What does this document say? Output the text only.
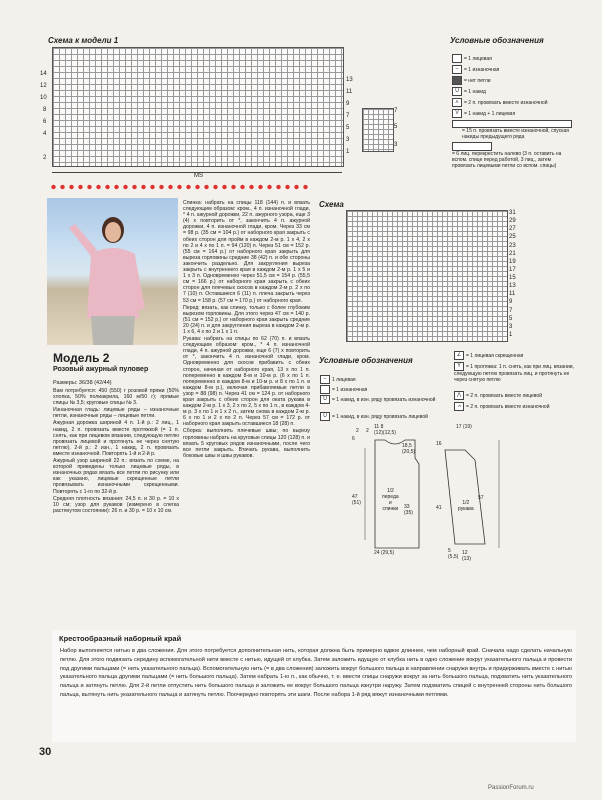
Схема к модели 1
MS
14
12
10
8
6
4
2
13
11
9
7
5
3
1
7
5
3
Условные обозначения
= 1 лицевая
– = 1 изнаночная
= нет петли
U = 1 накид
⋏ = 2 п. провязать вместе изнаночной
V = 1 накид + 1 лицевая
= 15 п. провязать вместе изнаночной, спуская накиды предыдущего ряда
= 6 лиц. перекрестить налево (3 п. оставить на вспом. спице перед работой, 3 лиц., затем провязать лицевыми петли со вспом. спицы)
Модель 2
Розовый ажурный пуловер
Размеры: 36/38 (42/44)

Вам потребуется: 450 (550) г розовой пряжи (50% хлопка, 50% полиакрила, 160 м/50 г); прямые спицы № 3,5; круговые спицы № 3.

Изнаночная гладь: лицевые ряды – изнаночные петли, изнаночные ряды – лицевые петли.

Ажурная дорожка шириной 4 п. 1-й р.: 2 лиц., 1 накид, 2 п. провязать вместе протяжкой (= 1 п. снять, как при лицевом вязании, следующую петлю провязать лицевой и протянуть ее через снятую петлю). 2-й р.: 2 изн., 1 накид, 2 п. провязать вместе изнаночной. Повторять 1-й и 2-й р.

Ажурный узор шириной 22 п.: вязать по схеме, на которой приведены только лицевые ряды, в изнаночных рядах вязать все петли по рисунку или как указано, лицевые скрещенные петли провязывать изнаночными скрещенными. Повторять с 1-го по 32-й р.

Средняя плотность вязания: 24,5 п. и 30 р. = 10 х 10 см; узор для рукавов (измерено в слегка растянутом состоянии): 26 п. и 30 р. = 10 х 10 см.

Спинка: набрать на спицы 118 (144) п. и вязать следующим образом: кром., 4 п. изнаночной глади, * 4 п. ажурной дорожки, 22 п. ажурного узора, еще 3 (4) х повторить от *, закончить 4 п. ажурной дорожки, 4 п. изнаночной глади, кром. Через 33 см = 98 р. (35 см = 104 р.) от наборного края закрыть с обеих сторон для пройм в каждом 2-м р. 1 х 4, 2 х по 2 и 4 х по 1 п. = 94 (120) п. Через 51 см = 152 р. (55 см = 164 р.) от наборного края закрыть для выреза горловины средние 38 (42) п. и обе стороны закончить раздельно. Для закругления выреза закрыть с внутреннего края в каждом 2-м р. 1 х 5 и 1 х 3 п. Одновременно через 51,5 см = 154 р. (55,5 см = 166 р.) от наборного края закрыть с обеих сторон для плечевых скосов в каждом 2-м р. 2 х по 7 (10) п. Оставшиеся 6 (11) п. плеча закрыть через 53 см = 158 р. (57 см = 170 р.) от наборного края.

Перед: вязать, как спинку, только с более глубоким вырезом горловины. Для этого через 47 см = 140 р. (51 см = 152 р.) от наборного края закрыть средние 20 (24) п. и для закругления выреза в каждом 2-м р. 1 х 6, 4 х по 2 и 1 х 1 п.

Рукава: набрать на спицы по 62 (70) п. и вязать следующим образом: кром., * 4 п. изнаночной глади, 4 п. ажурной дорожки, еще 6 (7) х повторить от *, закончить 4 п. изнаночной глади, кром. Одновременно для скосов прибавить с обеих сторон, начиная от наборного края, 13 х по 1 п. попеременно в каждом 8-м и 10-м р. (6 х по 1 п. попеременно в каждом 8-м и 10-м р. и 8 х по 1 п. в каждом 8-м р.), включая прибавляемые петли в узор = 88 (98) п. Через 41 см = 124 р. от наборного края закрыть с обеих сторон для оката рукава в каждом 2-м р. 1 х 3, 2 х по 2, 5 х по 1 п., в каждом 4-м р. 3 х по 1 и 1 х 2 п., затем снова в каждом 2-м р. 6 х по 1 и 2 х по 2 п. Через 57 см = 172 р. от наборного края закрыть оставшиеся 18 (28) п.

Сборка: выполнить плечевые швы; по вырезу горловины набрать на круговые спицы 120 (128) п. и вязать 5 круговых рядов изнаночными, после чего все петли закрыть. Втачать рукава, выполнить боковые швы и швы рукавов.

Схема
31
29
27
25
23
21
19
17
15
13
11
9
7
5
3
1
Условные обозначения
– 1 лицевая
= 1 изнаночная
U = 1 накид, в изн. ряду провязать изнаночной
Ü = 1 накид, в изн. ряду провязать лицевой
∠ = 1 лицевая скрещенная
Y = 1 протяжка: 1 п. снять, как при лиц. вязании, следующую петлю провязать лиц. и протянуть ее через снятую петлю
⋀ = 2 п. провязать вместе лицевой
⩘ = 2 п. провязать вместе изнаночной
11 8
(12)(12,5)
18,5
(20,5)
2 2
6
1/2
переда
и
спинки
47
(51)
33
(35)
24 (29,5)
17 (19)
16
57
41
1/2
рукава
5
(5,5)
12
(13)
Крестообразный наборный край
Набор выполняется нитью в два сложения. Для этого потребуется дополнительная нить, которая должна быть примерно вдвое длиннее, чем наборный край. Сначала надо сделать начальную петлю. Для этого подвязать середину вспомогательной нити вместе с нитью, идущей от клубка. Затем заложить идущую от клубка нить в одно сложение вокруг указательного пальца и провести под другими пальцами (= нить указательного пальца). Вспомогательную нить (= в два сложения) заложить вокруг большого пальца в направлении снаружи внутрь и придерживать вместе с нитью указательного пальца другими пальцами (= нить большого пальца). Затем набрать 1-ю п., как обычно, т. е. ввести спицы снаружи вокруг за нить большого пальца, подхватить нить указательного пальца и затянуть петлю. Для 2-й петли отпустить нить большого пальца и заложить ее вокруг большого пальца изнутри наружу. Затем подхватить спицей с внутренней стороны нить большого пальца, вытянуть нить указательного пальца и затянуть петлю. Поочередно повторять эти шаги. После набора 1-й ряд вяжут изнаночными петлями.
30
PassionForum.ru
